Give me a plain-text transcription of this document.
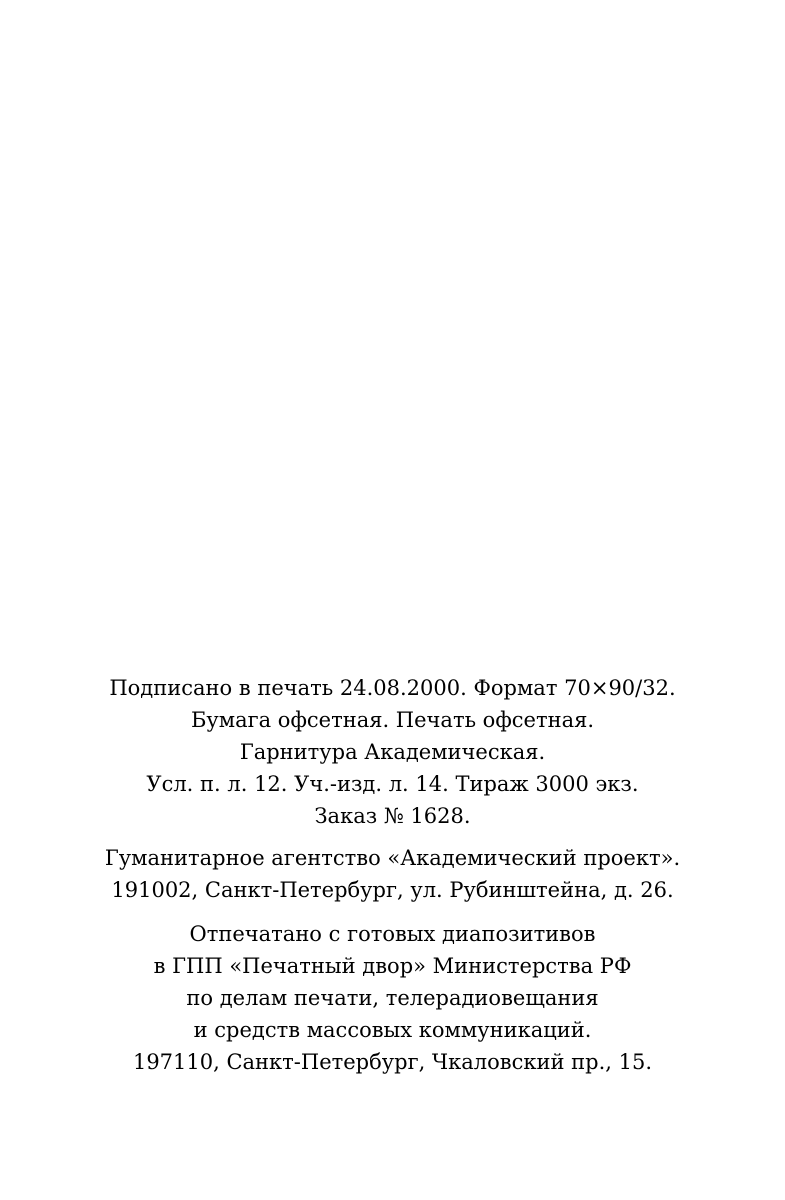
Подписано в печать 24.08.2000. Формат 70×90/32.
Бумага офсетная. Печать офсетная.
Гарнитура Академическая.
Усл. п. л. 12. Уч.-изд. л. 14. Тираж 3000 экз.
Заказ № 1628.
Гуманитарное агентство «Академический проект».
191002, Санкт-Петербург, ул. Рубинштейна, д. 26.
Отпечатано с готовых диапозитивов
в ГПП «Печатный двор» Министерства РФ
по делам печати, телерадиовещания
и средств массовых коммуникаций.
197110, Санкт-Петербург, Чкаловский пр., 15.
